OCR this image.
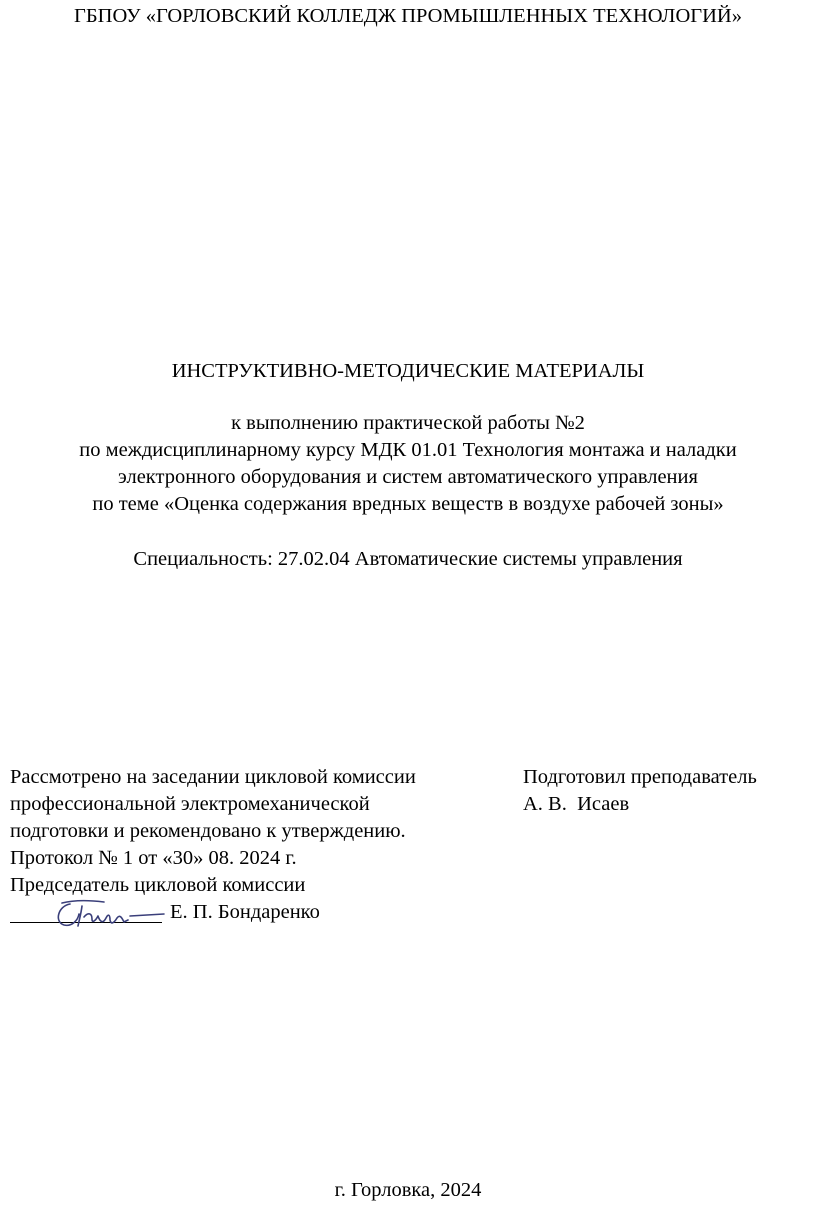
ГБПОУ «ГОРЛОВСКИЙ КОЛЛЕДЖ ПРОМЫШЛЕННЫХ ТЕХНОЛОГИЙ»
ИНСТРУКТИВНО-МЕТОДИЧЕСКИЕ МАТЕРИАЛЫ
к выполнению практической работы №2
по междисциплинарному курсу МДК 01.01 Технология монтажа и наладки
электронного оборудования и систем автоматического управления
по теме «Оценка содержания вредных веществ в воздухе рабочей зоны»
Специальность: 27.02.04 Автоматические системы управления
Рассмотрено на заседании цикловой комиссии
профессиональной электромеханической
подготовки и рекомендовано к утверждению.
Протокол № 1 от «30» 08. 2024 г.
Председатель цикловой комиссии
Е. П. Бондаренко
Подготовил преподаватель
А. В.  Исаев
г. Горловка, 2024
